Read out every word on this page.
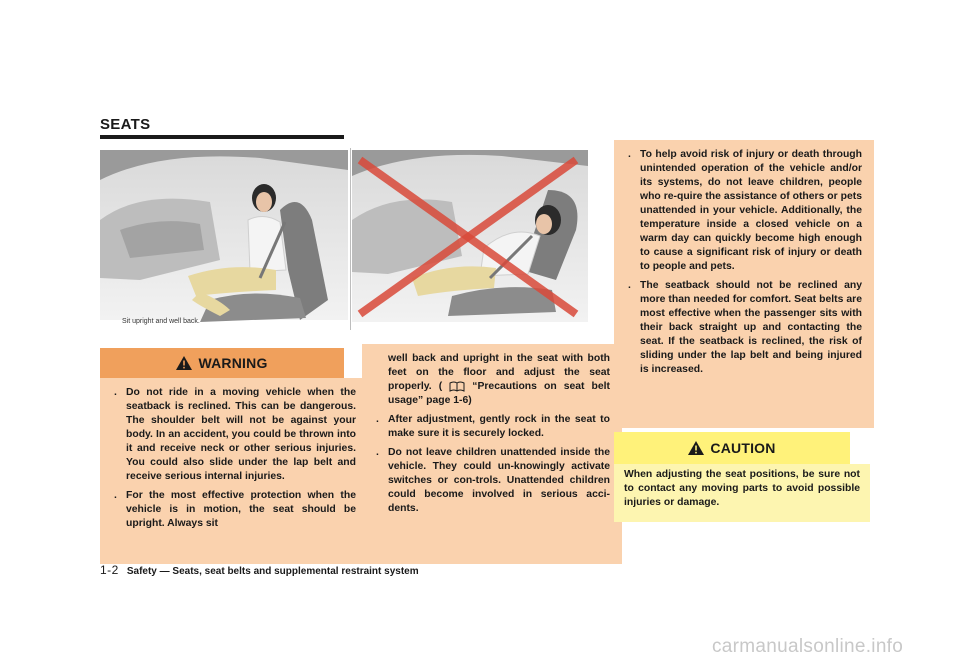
SEATS
Sit upright and well back.
WARNING
. Do not ride in a moving vehicle when the seatback is reclined. This can be dangerous. The shoulder belt will not be against your body. In an accident, you could be thrown into it and receive neck or other serious injuries. You could also slide under the lap belt and receive serious internal injuries.
. For the most effective protection when the vehicle is in motion, the seat should be upright. Always sit
well back and upright in the seat with both feet on the floor and adjust the seat properly. (	“Precautions on seat belt usage” page 1-6)
. After adjustment, gently rock in the seat to make sure it is securely locked.
. Do not leave children unattended inside the vehicle. They could un-knowingly activate switches or con-trols. Unattended children could become involved in serious acci-dents.
. To help avoid risk of injury or death through unintended operation of the vehicle and/or its systems, do not leave children, people who re-quire the assistance of others or pets unattended in your vehicle. Additionally, the temperature inside a closed vehicle on a warm day can quickly become high enough to cause a significant risk of injury or death to people and pets.
. The seatback should not be reclined any more than needed for comfort. Seat belts are most effective when the passenger sits with their back straight up and contacting the seat. If the seatback is reclined, the risk of sliding under the lap belt and being injured is increased.
CAUTION
When adjusting the seat positions, be sure not to contact any moving parts to avoid possible injuries or damage.
1-2 Safety — Seats, seat belts and supplemental restraint system
carmanualsonline.info
